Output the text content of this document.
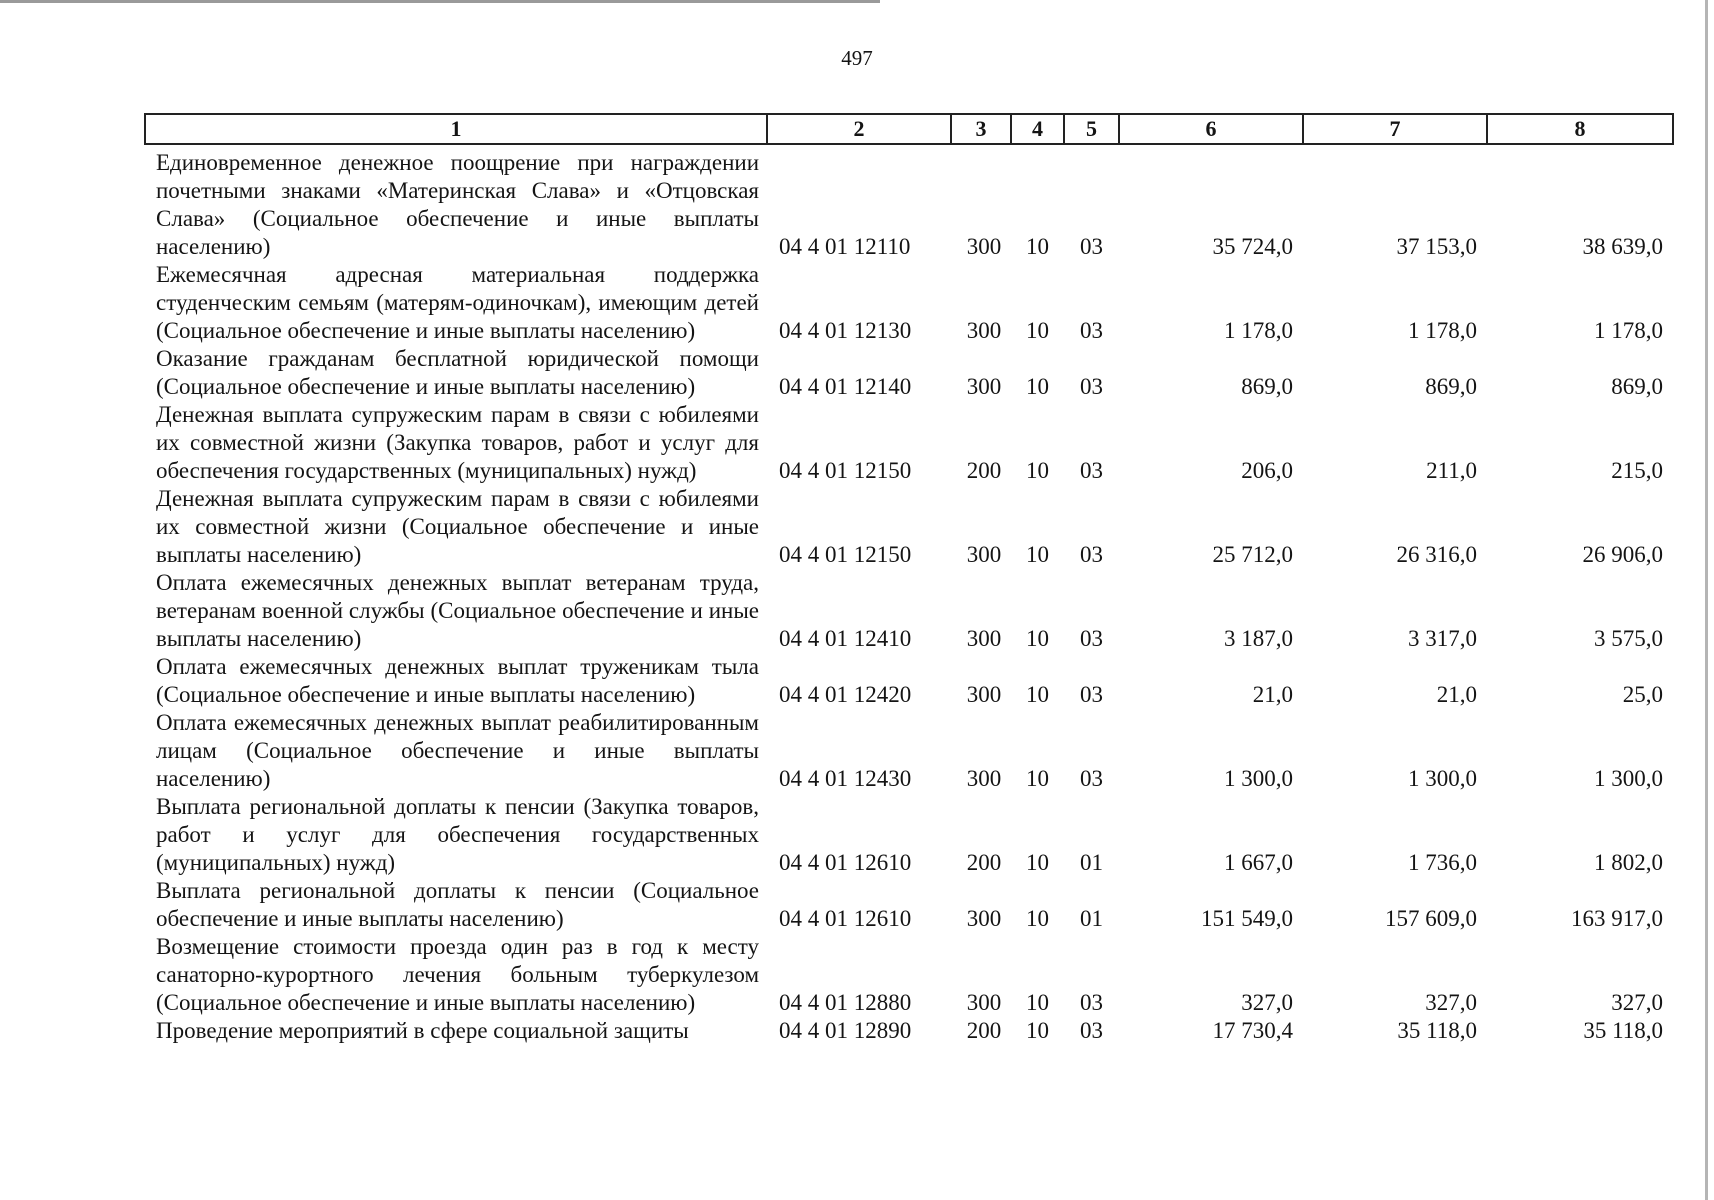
497
1	2	3	4	5	6	7	8
Единовременное денежное поощрение при награждении почетными знаками «Материнская Слава» и «Отцовская Слава» (Социальное обеспечение и иные выплаты населению)	04 4 01 12110	300	10	03	35 724,0	37 153,0	38 639,0
Ежемесячная адресная материальная поддержка студенческим семьям (матерям-одиночкам), имеющим детей (Социальное обеспечение и иные выплаты населению)	04 4 01 12130	300	10	03	1 178,0	1 178,0	1 178,0
Оказание гражданам бесплатной юридической помощи (Социальное обеспечение и иные выплаты населению)	04 4 01 12140	300	10	03	869,0	869,0	869,0
Денежная выплата супружеским парам в связи с юбилеями их совместной жизни (Закупка товаров, работ и услуг для обеспечения государственных (муниципальных) нужд)	04 4 01 12150	200	10	03	206,0	211,0	215,0
Денежная выплата супружеским парам в связи с юбилеями их совместной жизни (Социальное обеспечение и иные выплаты населению)	04 4 01 12150	300	10	03	25 712,0	26 316,0	26 906,0
Оплата ежемесячных денежных выплат ветеранам труда, ветеранам военной службы (Социальное обеспечение и иные выплаты населению)	04 4 01 12410	300	10	03	3 187,0	3 317,0	3 575,0
Оплата ежемесячных денежных выплат труженикам тыла (Социальное обеспечение и иные выплаты населению)	04 4 01 12420	300	10	03	21,0	21,0	25,0
Оплата ежемесячных денежных выплат реабилитированным лицам (Социальное обеспечение и иные выплаты населению)	04 4 01 12430	300	10	03	1 300,0	1 300,0	1 300,0
Выплата региональной доплаты к пенсии (Закупка товаров, работ и услуг для обеспечения государственных (муниципальных) нужд)	04 4 01 12610	200	10	01	1 667,0	1 736,0	1 802,0
Выплата региональной доплаты к пенсии (Социальное обеспечение и иные выплаты населению)	04 4 01 12610	300	10	01	151 549,0	157 609,0	163 917,0
Возмещение стоимости проезда один раз в год к месту санаторно-курортного лечения больным туберкулезом (Социальное обеспечение и иные выплаты населению)	04 4 01 12880	300	10	03	327,0	327,0	327,0
Проведение мероприятий в сфере социальной защиты	04 4 01 12890	200	10	03	17 730,4	35 118,0	35 118,0
